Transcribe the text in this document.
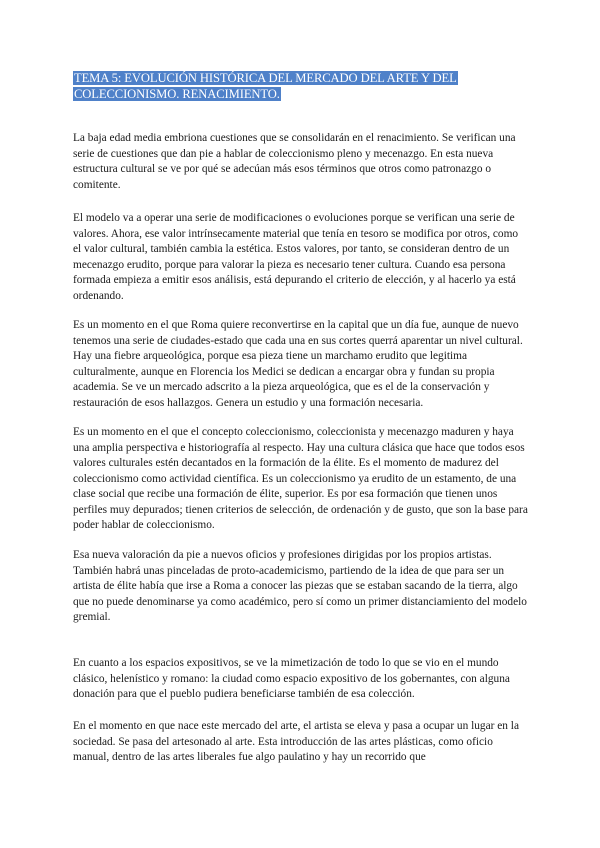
TEMA 5: EVOLUCIÓN HISTÓRICA DEL MERCADO DEL ARTE Y DEL COLECCIONISMO. RENACIMIENTO.

La baja edad media embriona cuestiones que se consolidarán en el renacimiento. Se verifican una serie de cuestiones que dan pie a hablar de coleccionismo pleno y mecenazgo. En esta nueva estructura cultural se ve por qué se adecúan más esos términos que otros como patronazgo o comitente.

El modelo va a operar una serie de modificaciones o evoluciones porque se verifican una serie de valores. Ahora, ese valor intrínsecamente material que tenía en tesoro se modifica por otros, como el valor cultural, también cambia la estética. Estos valores, por tanto, se consideran dentro de un mecenazgo erudito, porque para valorar la pieza es necesario tener cultura. Cuando esa persona formada empieza a emitir esos análisis, está depurando el criterio de elección, y al hacerlo ya está ordenando.

Es un momento en el que Roma quiere reconvertirse en la capital que un día fue, aunque de nuevo tenemos una serie de ciudades-estado que cada una en sus cortes querrá aparentar un nivel cultural. Hay una fiebre arqueológica, porque esa pieza tiene un marchamo erudito que legitima culturalmente, aunque en Florencia los Medici se dedican a encargar obra y fundan su propia academia. Se ve un mercado adscrito a la pieza arqueológica, que es el de la conservación y restauración de esos hallazgos. Genera un estudio y una formación necesaria.

Es un momento en el que el concepto coleccionismo, coleccionista y mecenazgo maduren y haya una amplia perspectiva e historiografía al respecto. Hay una cultura clásica que hace que todos esos valores culturales estén decantados en la formación de la élite. Es el momento de madurez del coleccionismo como actividad científica. Es un coleccionismo ya erudito de un estamento, de una clase social que recibe una formación de élite, superior. Es por esa formación que tienen unos perfiles muy depurados; tienen criterios de selección, de ordenación y de gusto, que son la base para poder hablar de coleccionismo.

Esa nueva valoración da pie a nuevos oficios y profesiones dirigidas por los propios artistas. También habrá unas pinceladas de proto-academicismo, partiendo de la idea de que para ser un artista de élite había que irse a Roma a conocer las piezas que se estaban sacando de la tierra, algo que no puede denominarse ya como académico, pero sí como un primer distanciamiento del modelo gremial.

En cuanto a los espacios expositivos, se ve la mimetización de todo lo que se vio en el mundo clásico, helenístico y romano: la ciudad como espacio expositivo de los gobernantes, con alguna donación para que el pueblo pudiera beneficiarse también de esa colección.

En el momento en que nace este mercado del arte, el artista se eleva y pasa a ocupar un lugar en la sociedad. Se pasa del artesonado al arte. Esta introducción de las artes plásticas, como oficio manual, dentro de las artes liberales fue algo paulatino y hay un recorrido que
